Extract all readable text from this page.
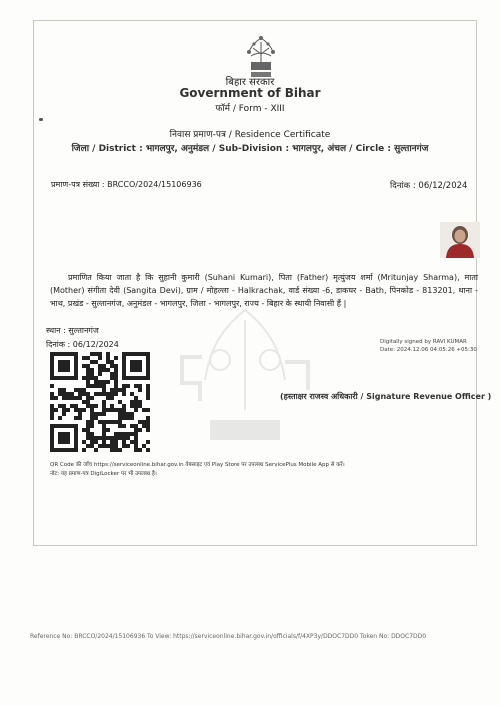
बिहार सरकार
Government of Bihar
फॉर्म / Form - XIII
निवास प्रमाण-पत्र / Residence Certificate
जिला / District : भागलपुर, अनुमंडल / Sub-Division : भागलपुर, अंचल / Circle : सुल्तानगंज
प्रमाण-पत्र संख्या : BRCCO/2024/15106936	दिनांक : 06/12/2024
प्रमाणित किया जाता है कि सुहानी कुमारी (Suhani Kumari), पिता (Father) मृत्युंजय शर्मा (Mritunjay Sharma), माता (Mother) संगीता देवी (Sangita Devi), ग्राम / मोहल्ला - Halkrachak, वार्ड संख्या -6, डाकघर - Bath, पिनकोड - 813201, थाना - भाथ, प्रखंड - सुल्तानगंज, अनुमंडल - भागलपुर, जिला - भागलपुर, राज्य - बिहार के स्थायी निवासी हैं |
स्थान : सुल्तानगंज
दिनांक : 06/12/2024	Digitally signed by RAVI KUMAR
Date: 2024.12.06 04:05:26 +05:30
(हस्ताक्षर राजस्व अधिकारी / Signature Revenue Officer )
QR Code की जाँच https://serviceonline.bihar.gov.in वेबसाइट एवं Play Store पर उपलब्ध ServicePlus Mobile App से करें।
नोट: यह प्रमाण-पत्र DigiLocker पर भी उपलब्ध है।
Reference No: BRCCO/2024/15106936 To View: https://serviceonline.bihar.gov.in/officials/f/4XP3y/DDOC7DD0 Token No: DDOC7DD0
